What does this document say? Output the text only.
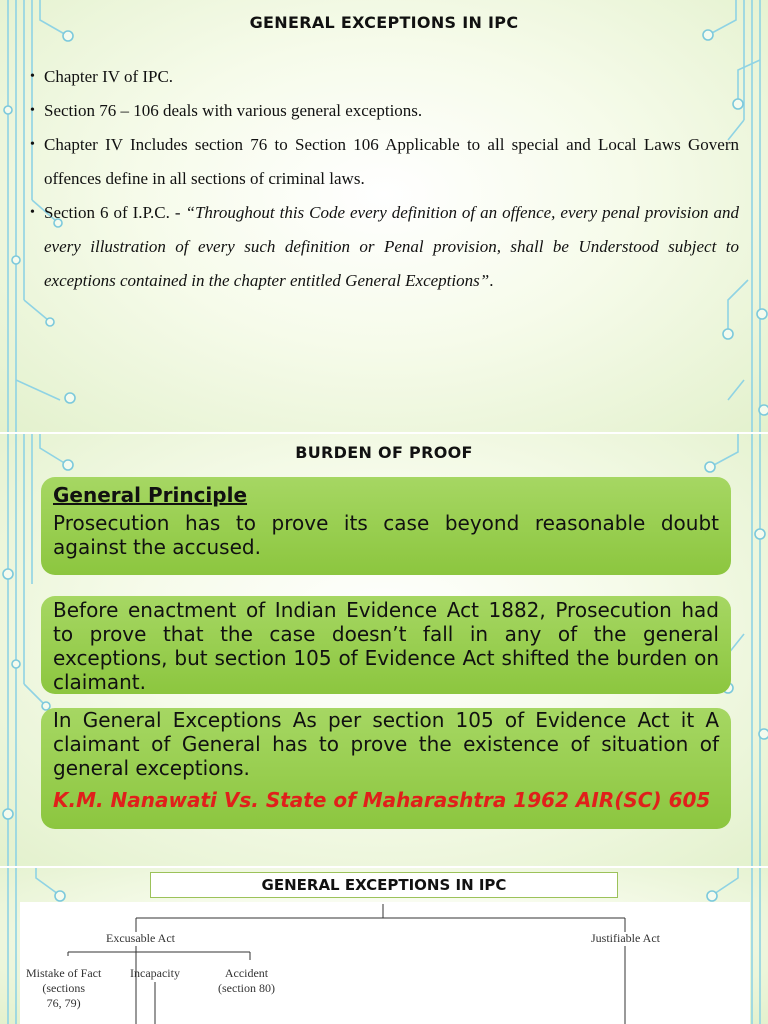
GENERAL EXCEPTIONS IN IPC
• Chapter IV of IPC.
• Section 76 – 106 deals with various general exceptions.
• Chapter IV Includes section 76 to Section 106 Applicable to all special and Local Laws Govern offences define in all sections of criminal laws.
• Section 6 of I.P.C. - “Throughout this Code every definition of an offence, every penal provision and every illustration of every such definition or Penal provision, shall be Understood subject to exceptions contained in the chapter entitled General Exceptions”.
BURDEN OF PROOF
General Principle
Prosecution has to prove its case beyond reasonable doubt against the accused.
Before enactment of Indian Evidence Act 1882, Prosecution had to prove that the case doesn’t fall in any of the general exceptions, but section 105 of Evidence Act shifted the burden on claimant.
In General Exceptions As per section 105 of Evidence Act it A claimant of General has to prove the existence of situation of general exceptions.
K.M. Nanawati Vs. State of Maharashtra 1962 AIR(SC) 605
GENERAL EXCEPTIONS IN IPC
Excusable Act	Justifiable Act
Mistake of Fact
(sections
76, 79)
Incapacity	Accident
(section 80)
